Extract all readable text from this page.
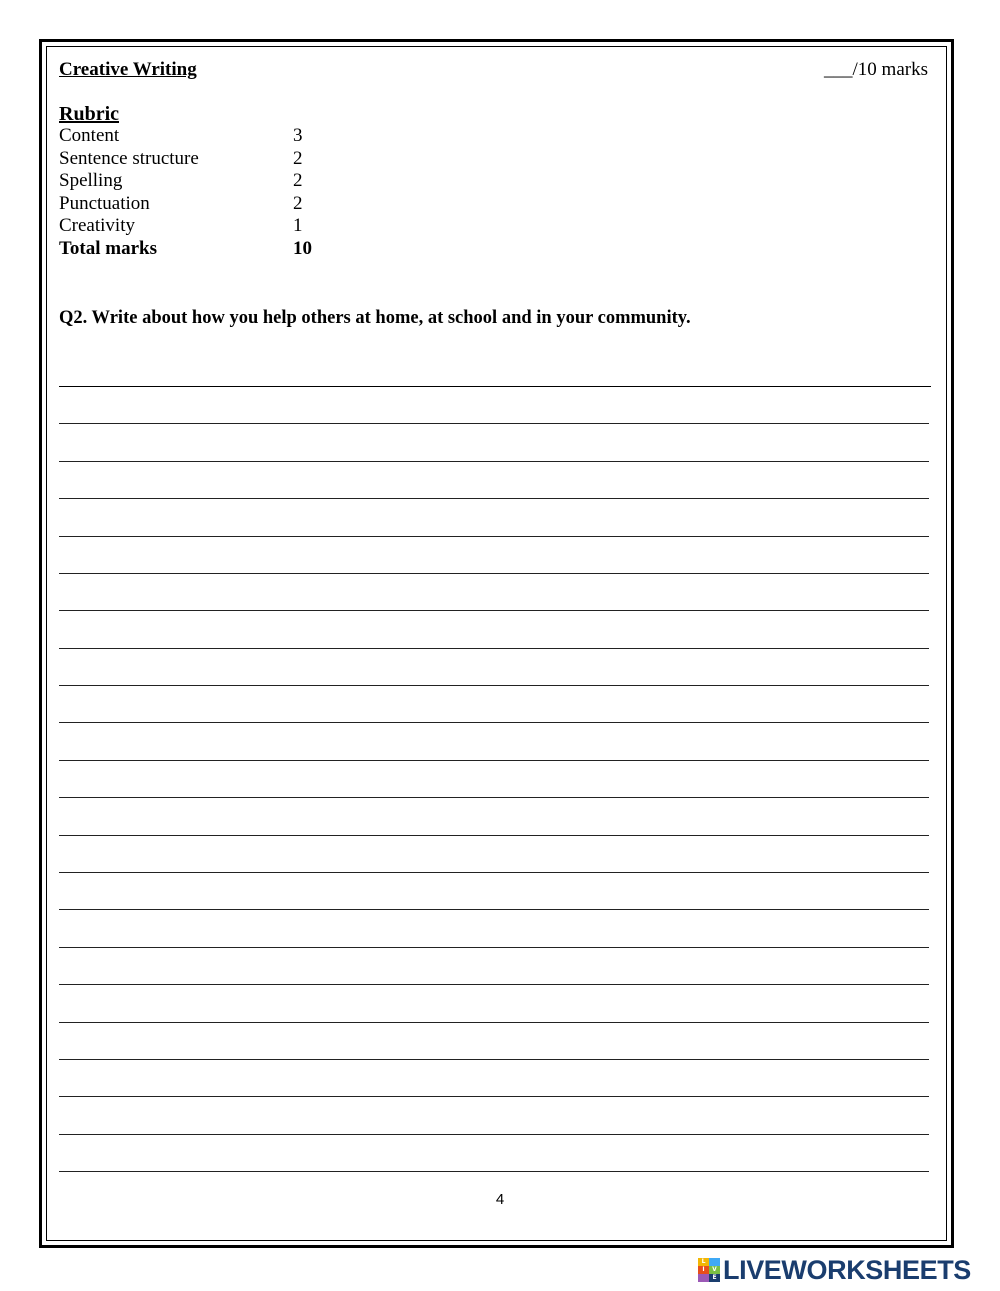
Creative Writing	___/10 marks
Rubric
Content	3
Sentence structure	2
Spelling	2
Punctuation	2
Creativity	1
Total marks	10
Q2. Write about how you help others at home, at school and in your community.
4
L
I	V
E LIVEWORKSHEETS
